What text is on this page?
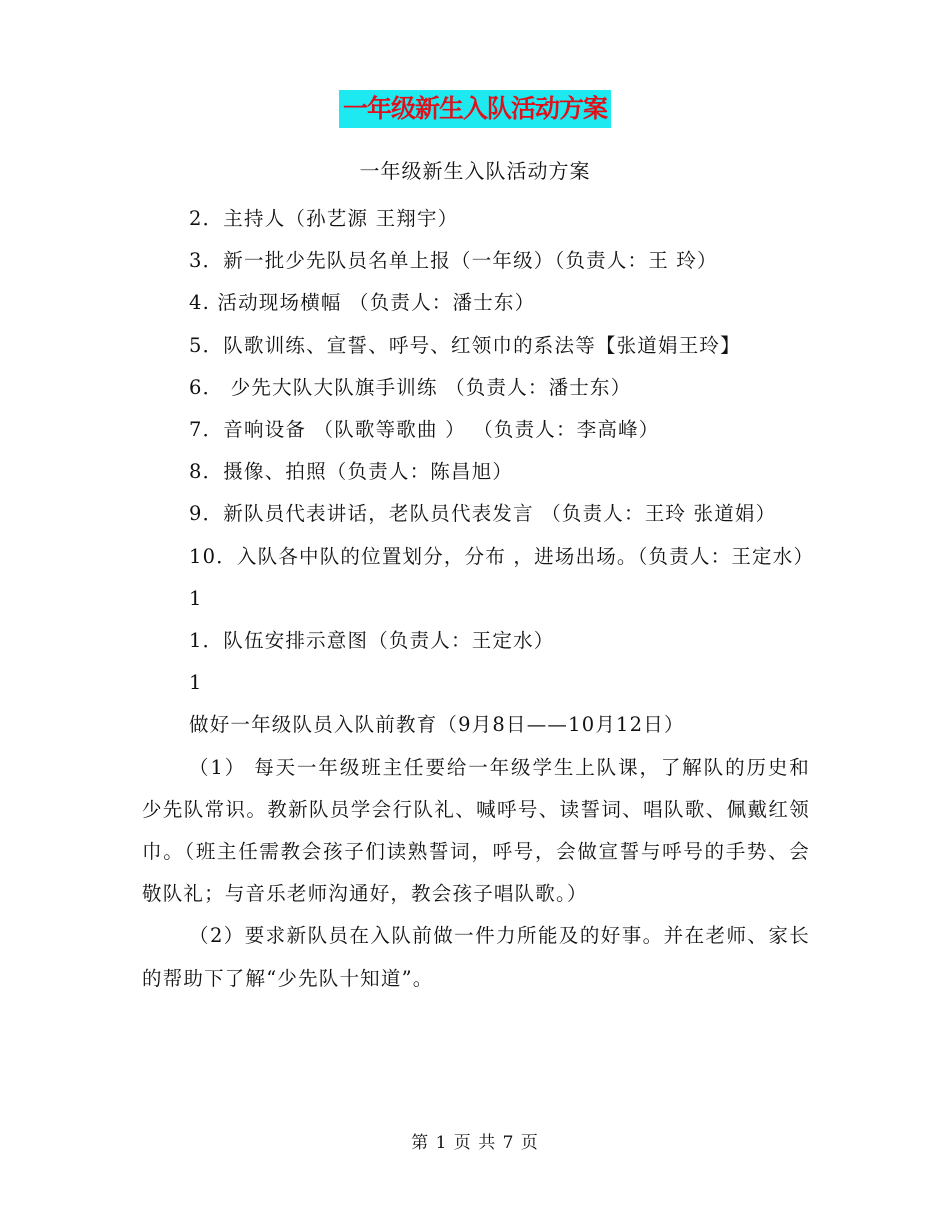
一年级新生入队活动方案
一年级新生入队活动方案

2．主持人（孙艺源 王翔宇）

3．新一批少先队员名单上报（一年级）（负责人：王 玲）

4. 活动现场横幅 （负责人：潘士东）

5．队歌训练、宣誓、呼号、红领巾的系法等【张道娟王玲】

6． 少先大队大队旗手训练 （负责人：潘士东）

7．音响设备 （队歌等歌曲 ） （负责人：李高峰）

8．摄像、拍照（负责人：陈昌旭）

9．新队员代表讲话，老队员代表发言 （负责人：王玲 张道娟）

10．入队各中队的位置划分，分布 ，进场出场。（负责人：王定水）

1

1．队伍安排示意图（负责人：王定水）

1

做好一年级队员入队前教育（9月8日——10月12日）

（1） 每天一年级班主任要给一年级学生上队课，了解队的历史和少先队常识。教新队员学会行队礼、喊呼号、读誓词、唱队歌、佩戴红领巾。（班主任需教会孩子们读熟誓词，呼号，会做宣誓与呼号的手势、会敬队礼；与音乐老师沟通好，教会孩子唱队歌。）

（2）要求新队员在入队前做一件力所能及的好事。并在老师、家长的帮助下了解“少先队十知道”。

第 1 页 共 7 页
